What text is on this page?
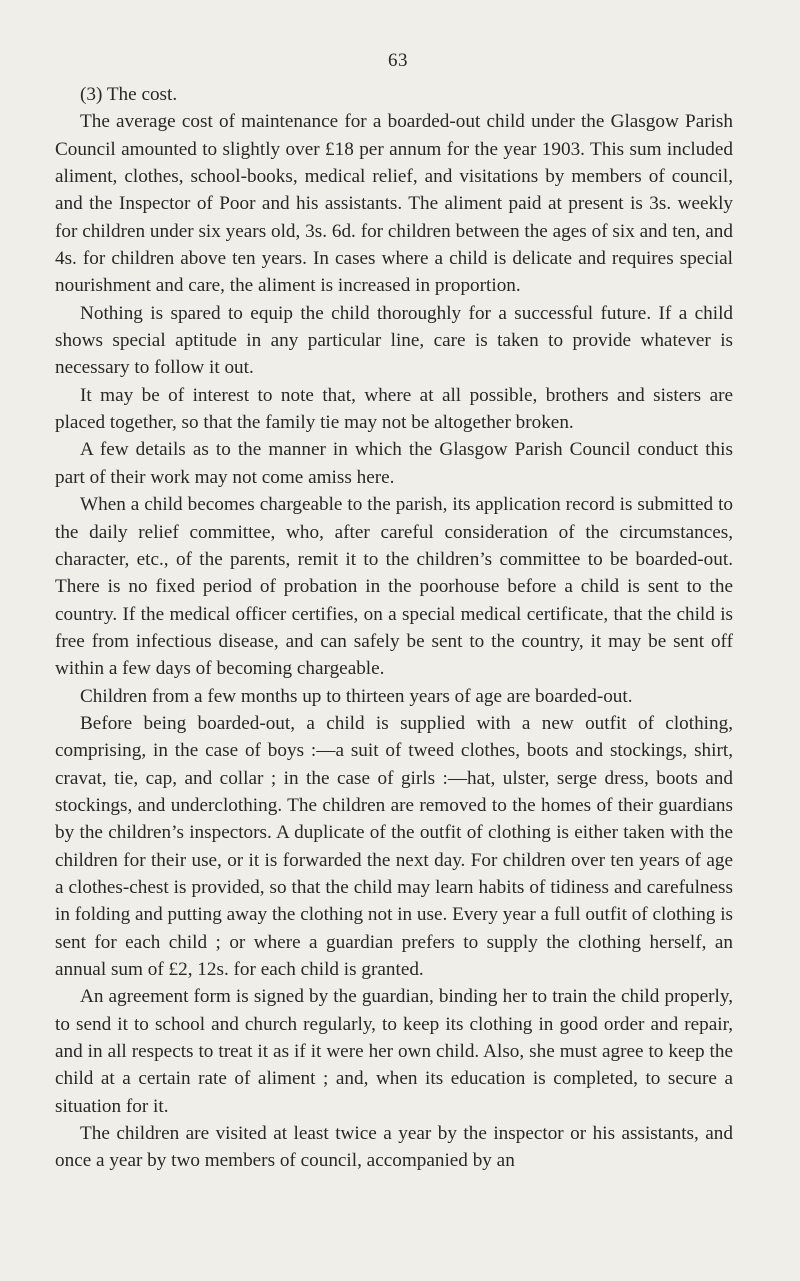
63

(3) The cost.

The average cost of maintenance for a boarded-out child under the Glasgow Parish Council amounted to slightly over £18 per annum for the year 1903. This sum included aliment, clothes, school-books, medical relief, and visitations by members of council, and the Inspector of Poor and his assistants. The aliment paid at present is 3s. weekly for children under six years old, 3s. 6d. for children between the ages of six and ten, and 4s. for children above ten years. In cases where a child is delicate and requires special nourishment and care, the aliment is increased in proportion.

Nothing is spared to equip the child thoroughly for a successful future. If a child shows special aptitude in any particular line, care is taken to provide whatever is necessary to follow it out.

It may be of interest to note that, where at all possible, brothers and sisters are placed together, so that the family tie may not be altogether broken.

A few details as to the manner in which the Glasgow Parish Council conduct this part of their work may not come amiss here.

When a child becomes chargeable to the parish, its application record is submitted to the daily relief committee, who, after careful consideration of the circumstances, character, etc., of the parents, remit it to the children’s committee to be boarded-out. There is no fixed period of probation in the poorhouse before a child is sent to the country. If the medical officer certifies, on a special medical certificate, that the child is free from infectious disease, and can safely be sent to the country, it may be sent off within a few days of becoming chargeable.

Children from a few months up to thirteen years of age are boarded-out.

Before being boarded-out, a child is supplied with a new outfit of clothing, comprising, in the case of boys :—a suit of tweed clothes, boots and stockings, shirt, cravat, tie, cap, and collar ; in the case of girls :—hat, ulster, serge dress, boots and stockings, and underclothing. The children are removed to the homes of their guardians by the children’s inspectors. A duplicate of the outfit of clothing is either taken with the children for their use, or it is forwarded the next day. For children over ten years of age a clothes-chest is provided, so that the child may learn habits of tidiness and carefulness in folding and putting away the clothing not in use. Every year a full outfit of clothing is sent for each child ; or where a guardian prefers to supply the clothing herself, an annual sum of £2, 12s. for each child is granted.

An agreement form is signed by the guardian, binding her to train the child properly, to send it to school and church regularly, to keep its clothing in good order and repair, and in all respects to treat it as if it were her own child. Also, she must agree to keep the child at a certain rate of aliment ; and, when its education is completed, to secure a situation for it.

The children are visited at least twice a year by the inspector or his assistants, and once a year by two members of council, accompanied by an
